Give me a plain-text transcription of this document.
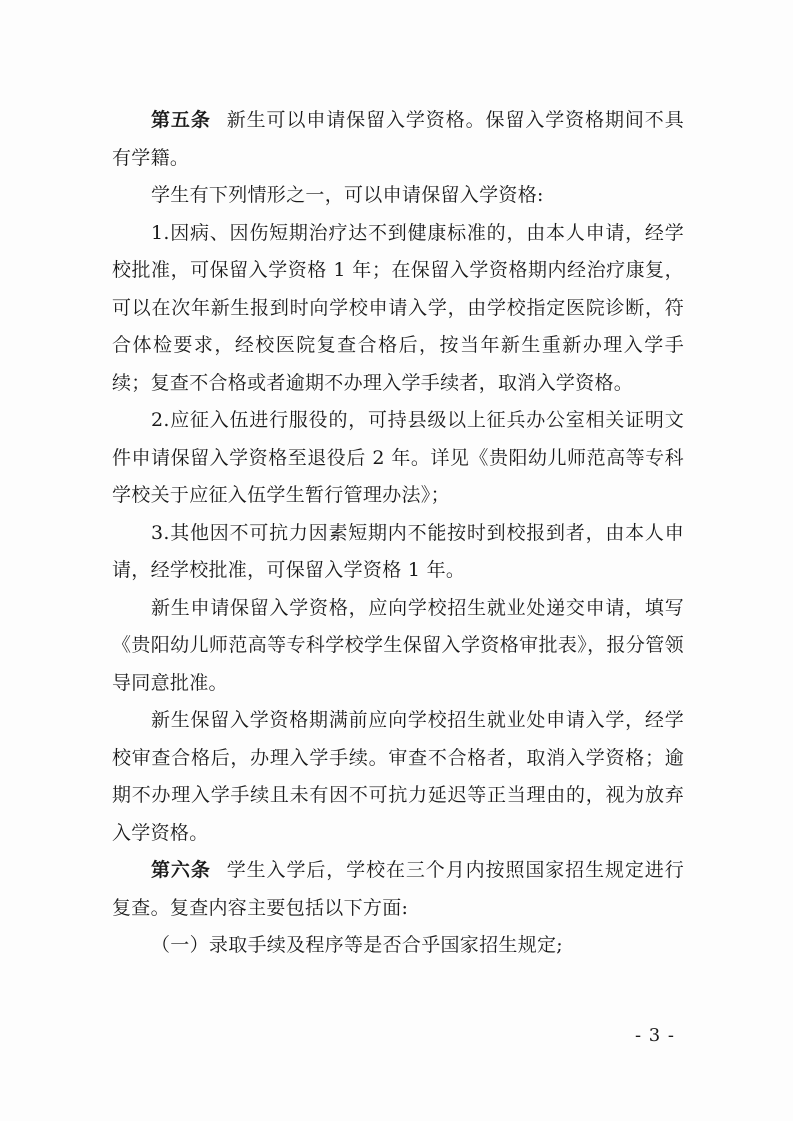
第五条 新生可以申请保留入学资格。保留入学资格期间不具有学籍。

学生有下列情形之一，可以申请保留入学资格:

1.因病、因伤短期治疗达不到健康标准的，由本人申请，经学校批准，可保留入学资格 1 年；在保留入学资格期内经治疗康复，可以在次年新生报到时向学校申请入学，由学校指定医院诊断，符合体检要求，经校医院复查合格后，按当年新生重新办理入学手续；复查不合格或者逾期不办理入学手续者，取消入学资格。

2.应征入伍进行服役的，可持县级以上征兵办公室相关证明文件申请保留入学资格至退役后 2 年。详见《贵阳幼儿师范高等专科学校关于应征入伍学生暂行管理办法》；

3.其他因不可抗力因素短期内不能按时到校报到者，由本人申请，经学校批准，可保留入学资格 1 年。

新生申请保留入学资格，应向学校招生就业处递交申请，填写《贵阳幼儿师范高等专科学校学生保留入学资格审批表》，报分管领导同意批准。

新生保留入学资格期满前应向学校招生就业处申请入学，经学校审查合格后，办理入学手续。审查不合格者，取消入学资格；逾期不办理入学手续且未有因不可抗力延迟等正当理由的，视为放弃入学资格。

第六条 学生入学后，学校在三个月内按照国家招生规定进行复查。复查内容主要包括以下方面:

（一）录取手续及程序等是否合乎国家招生规定;

- 3 -
